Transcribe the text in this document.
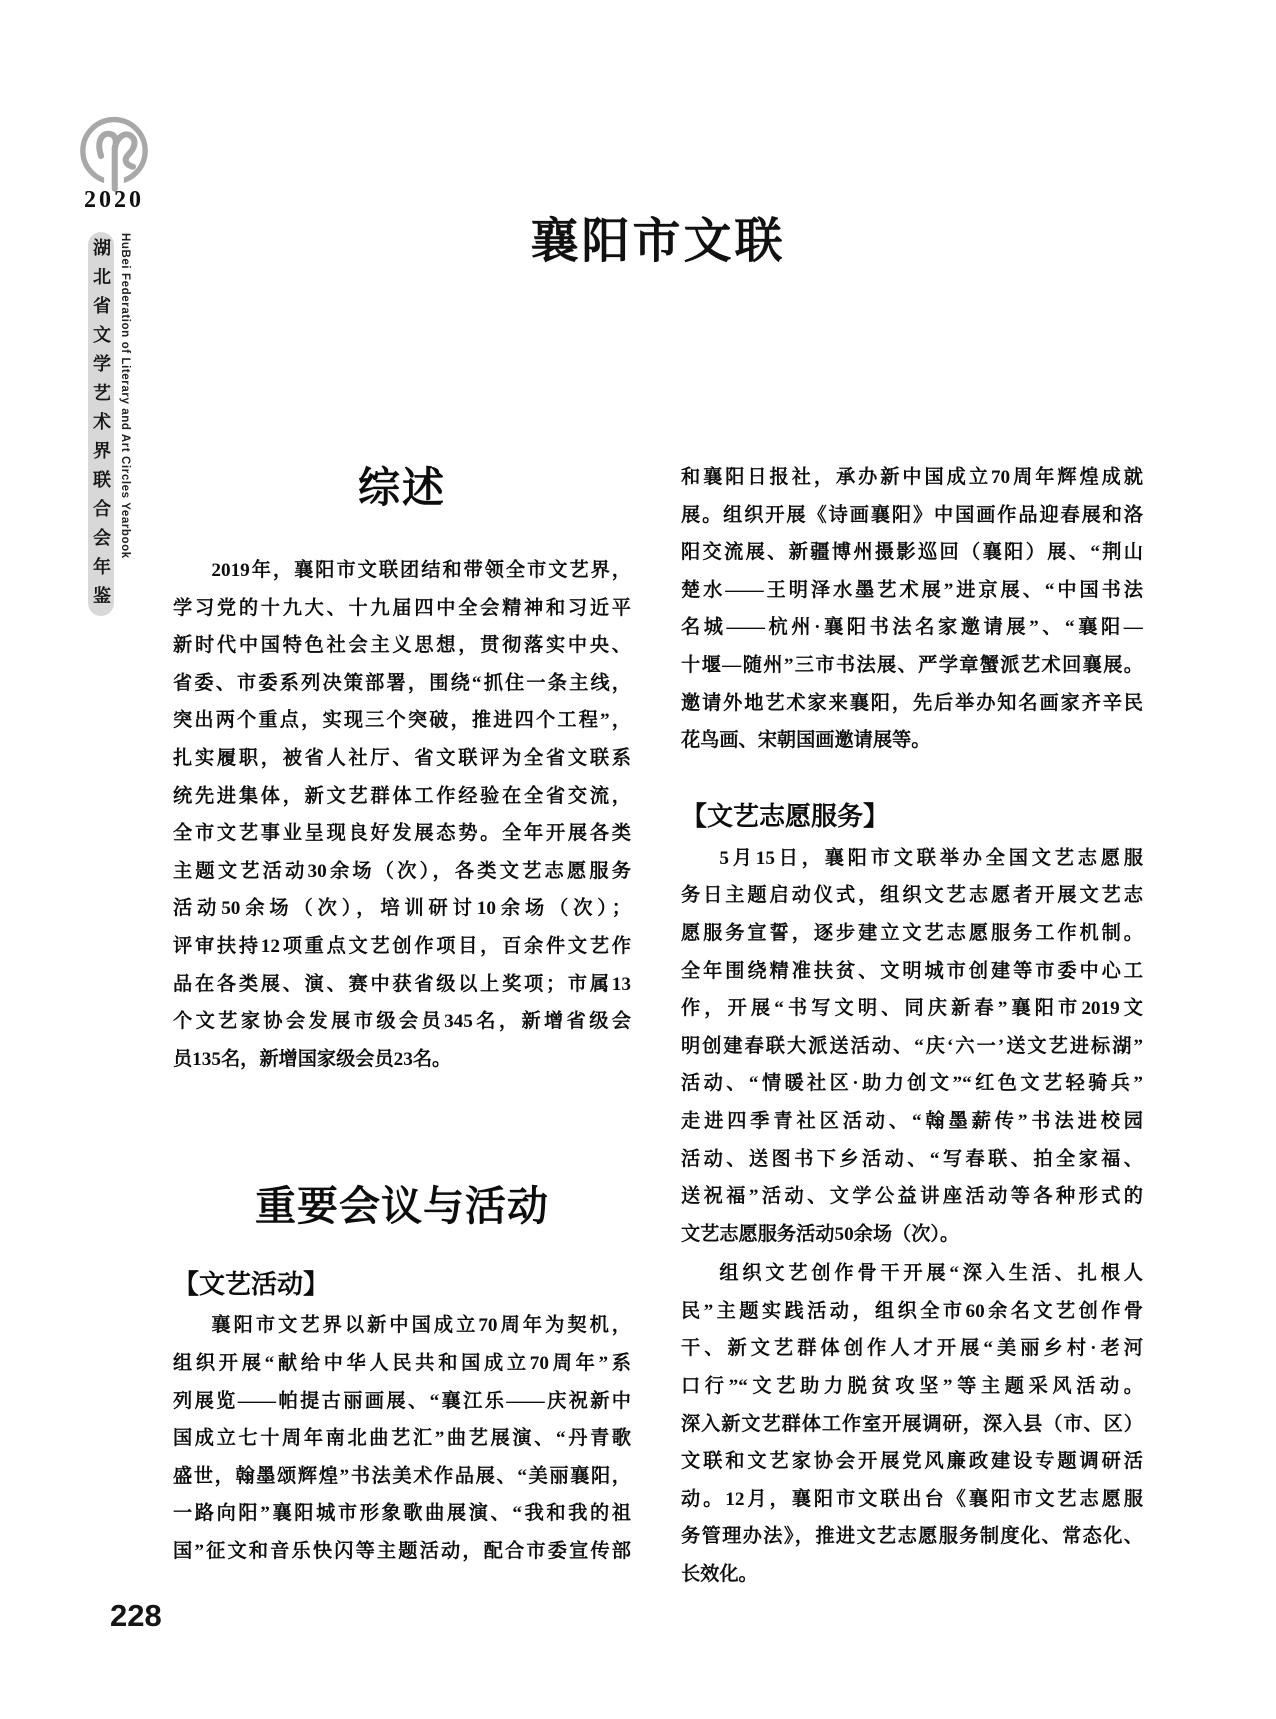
2020
湖北省文学艺术界联合会年鉴 HuBei Federation of Literary and Art Circles Yearbook	襄阳市文联
综述
2019年，襄阳市文联团结和带领全市文艺界，
学习党的十九大、十九届四中全会精神和习近平
新时代中国特色社会主义思想，贯彻落实中央、
省委、市委系列决策部署，围绕“抓住一条主线，
突出两个重点，实现三个突破，推进四个工程”，
扎实履职，被省人社厅、省文联评为全省文联系
统先进集体，新文艺群体工作经验在全省交流，
全市文艺事业呈现良好发展态势。全年开展各类
主题文艺活动30余场（次），各类文艺志愿服务
活动50余场（次），培训研讨10余场（次）；
评审扶持12项重点文艺创作项目，百余件文艺作
品在各类展、演、赛中获省级以上奖项；市属13
个文艺家协会发展市级会员345名，新增省级会
员135名，新增国家级会员23名。
重要会议与活动
【文艺活动】
襄阳市文艺界以新中国成立70周年为契机，
组织开展“献给中华人民共和国成立70周年”系
列展览——帕提古丽画展、“襄江乐——庆祝新中
国成立七十周年南北曲艺汇”曲艺展演、“丹青歌
盛世，翰墨颂辉煌”书法美术作品展、“美丽襄阳，
一路向阳”襄阳城市形象歌曲展演、“我和我的祖
国”征文和音乐快闪等主题活动，配合市委宣传部
和襄阳日报社，承办新中国成立70周年辉煌成就
展。组织开展《诗画襄阳》中国画作品迎春展和洛
阳交流展、新疆博州摄影巡回（襄阳）展、“荆山
楚水——王明泽水墨艺术展”进京展、“中国书法
名城——杭州·襄阳书法名家邀请展”、“襄阳—
十堰—随州”三市书法展、严学章蟹派艺术回襄展。
邀请外地艺术家来襄阳，先后举办知名画家齐辛民
花鸟画、宋朝国画邀请展等。
【文艺志愿服务】
5月15日，襄阳市文联举办全国文艺志愿服
务日主题启动仪式，组织文艺志愿者开展文艺志
愿服务宣誓，逐步建立文艺志愿服务工作机制。
全年围绕精准扶贫、文明城市创建等市委中心工
作，开展“书写文明、同庆新春”襄阳市2019文
明创建春联大派送活动、“庆‘六一’送文艺进标湖”
活动、“情暖社区·助力创文”“红色文艺轻骑兵”
走进四季青社区活动、“翰墨薪传”书法进校园
活动、送图书下乡活动、“写春联、拍全家福、
送祝福”活动、文学公益讲座活动等各种形式的
文艺志愿服务活动50余场（次）。
组织文艺创作骨干开展“深入生活、扎根人
民”主题实践活动，组织全市60余名文艺创作骨
干、新文艺群体创作人才开展“美丽乡村·老河
口行”“文艺助力脱贫攻坚”等主题采风活动。
深入新文艺群体工作室开展调研，深入县（市、区）
文联和文艺家协会开展党风廉政建设专题调研活
动。12月，襄阳市文联出台《襄阳市文艺志愿服
务管理办法》，推进文艺志愿服务制度化、常态化、
长效化。
228
